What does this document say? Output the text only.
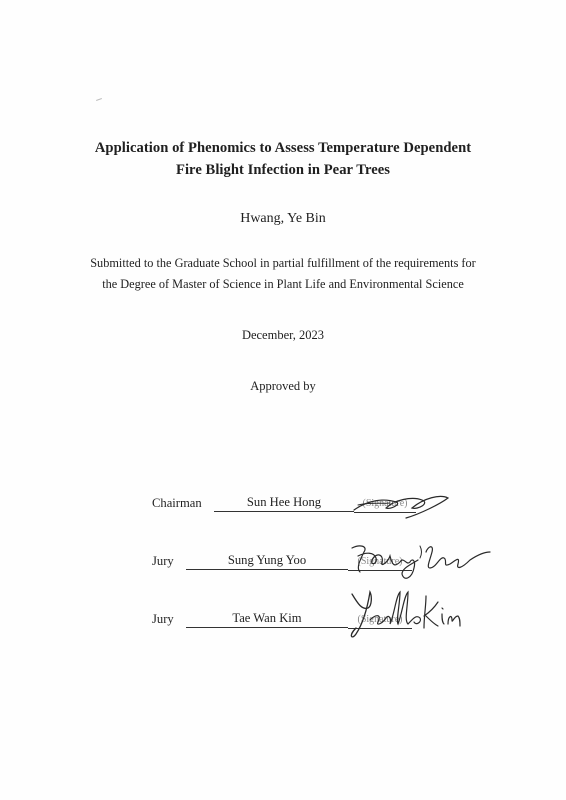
Application of Phenomics to Assess Temperature Dependent
Fire Blight Infection in Pear Trees
Hwang, Ye Bin
Submitted to the Graduate School in partial fulfillment of the requirements for
the Degree of Master of Science in Plant Life and Environmental Science
December, 2023
Approved by
Chairman	Sun Hee Hong	(Signature)
Jury	Sung Yung Yoo	(Signature)
Jury	Tae Wan Kim	(Signature)
